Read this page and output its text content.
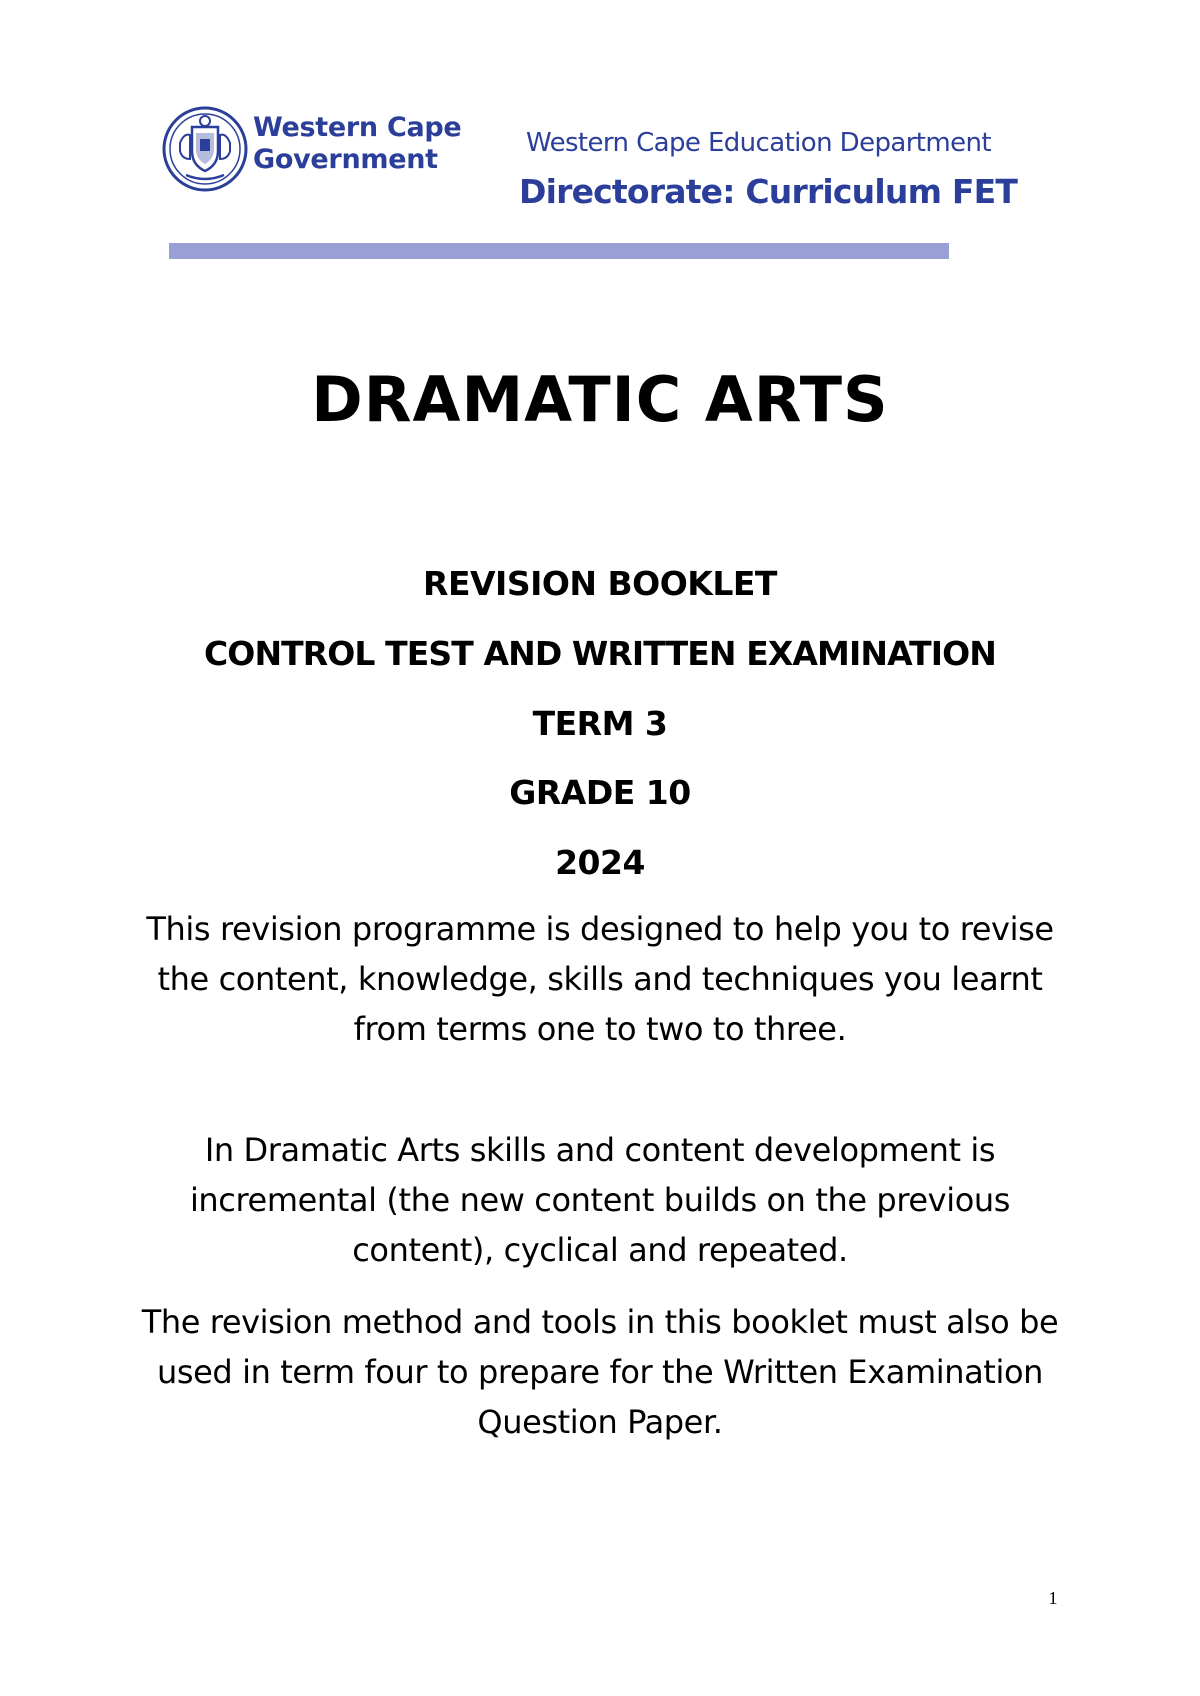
Western Cape
Government
Western Cape Education Department
Directorate: Curriculum FET
DRAMATIC ARTS
REVISION BOOKLET
CONTROL TEST AND WRITTEN EXAMINATION
TERM 3
GRADE 10
2024
This revision programme is designed to help you to revise the content, knowledge, skills and techniques you learnt from terms one to two to three.
In Dramatic Arts skills and content development is incremental (the new content builds on the previous content), cyclical and repeated.
The revision method and tools in this booklet must also be used in term four to prepare for the Written Examination Question Paper.
1
